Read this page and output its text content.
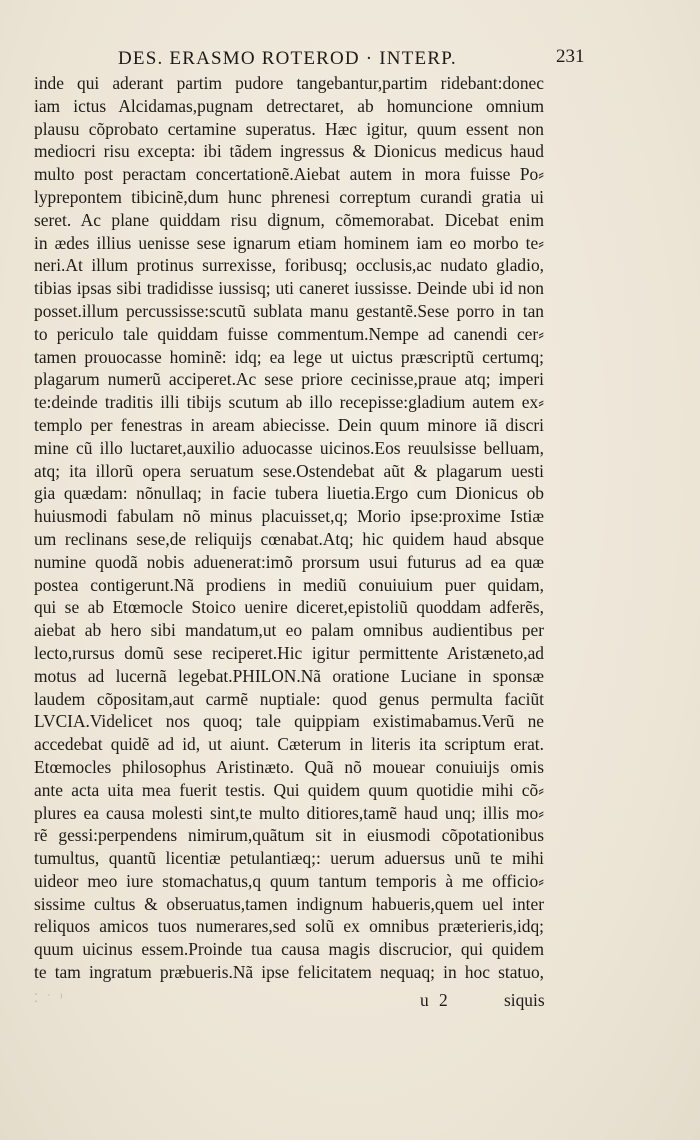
DES. ERASMO ROTEROD · INTERP.	231
inde qui aderant partim pudore tangebantur,partim ridebant:donec
iam ictus Alcidamas,pugnam detrectaret, ab homuncione omnium
plausu cõprobato certamine superatus. Hæc igitur, quum essent non
mediocri risu excepta: ibi tãdem ingressus & Dionicus medicus haud
multo post peractam concertationẽ.Aiebat autem in mora fuisse Po⸗
lyprepontem tibicinẽ,dum hunc phrenesi correptum curandi gratia ui
seret. Ac plane quiddam risu dignum, cõmemorabat. Dicebat enim
in ædes illius uenisse sese ignarum etiam hominem iam eo morbo te⸗
neri.At illum protinus surrexisse, foribusq; occlusis,ac nudato gladio,
tibias ipsas sibi tradidisse iussisq; uti caneret iussisse. Deinde ubi id non
posset.illum percussisse:scutũ sublata manu gestantẽ.Sese porro in tan
to periculo tale quiddam fuisse commentum.Nempe ad canendi cer⸗
tamen prouocasse hominẽ: idq; ea lege ut uictus præscriptũ certumq;
plagarum numerũ acciperet.Ac sese priore cecinisse,praue atq; imperi
te:deinde traditis illi tibijs scutum ab illo recepisse:gladium autem ex⸗
templo per fenestras in aream abiecisse. Dein quum minore iã discri
mine cũ illo luctaret,auxilio aduocasse uicinos.Eos reuulsisse belluam,
atq; ita illorũ opera seruatum sese.Ostendebat aũt & plagarum uesti
gia quædam: nõnullaq; in facie tubera liuetia.Ergo cum Dionicus ob
huiusmodi fabulam nõ minus placuisset,q; Morio ipse:proxime Istiæ
um reclinans sese,de reliquijs cœnabat.Atq; hic quidem haud absque
numine quodã nobis aduenerat:imõ prorsum usui futurus ad ea quæ
postea contigerunt.Nã prodiens in mediũ conuiuium puer quidam,
qui se ab Etœmocle Stoico uenire diceret,epistoliũ quoddam adferẽs,
aiebat ab hero sibi mandatum,ut eo palam omnibus audientibus per
lecto,rursus domũ sese reciperet.Hic igitur permittente Aristæneto,ad
motus ad lucernã legebat.PHILON.Nã oratione Luciane in sponsæ
laudem cõpositam,aut carmẽ nuptiale: quod genus permulta faciũt
LVCIA.Videlicet nos quoq; tale quippiam existimabamus.Verũ ne
accedebat quidẽ ad id, ut aiunt. Cæterum in literis ita scriptum erat.
Etœmocles philosophus Aristinæto. Quã nõ mouear conuiuijs omis
ante acta uita mea fuerit testis. Qui quidem quum quotidie mihi cõ⸗
plures ea causa molesti sint,te multo ditiores,tamẽ haud unq; illis mo⸗
rẽ gessi:perpendens nimirum,quãtum sit in eiusmodi cõpotationibus
tumultus, quantũ licentiæ petulantiæq;: uerum aduersus unũ te mihi
uideor meo iure stomachatus,q quum tantum temporis à me officio⸗
sissime cultus & obseruatus,tamen indignum habueris,quem uel inter
reliquos amicos tuos numerares,sed solũ ex omnibus præterieris,idq;
quum uicinus essem.Proinde tua causa magis discrucior, qui quidem
te tam ingratum præbueris.Nã ipse felicitatem nequaq; in hoc statuo,
⁚ ˙ ⁾	u 2	siquis
